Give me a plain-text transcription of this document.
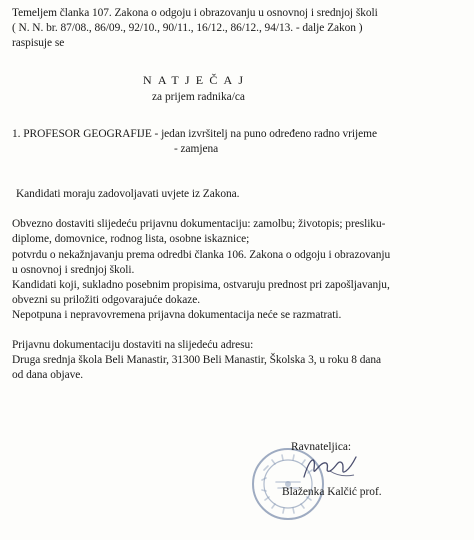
Temeljem članka 107. Zakona o odgoju i obrazovanju u osnovnoj i srednjoj školi
( N. N. br. 87/08., 86/09., 92/10., 90/11., 16/12., 86/12., 94/13. - dalje Zakon )
raspisuje se
NATJEČAJ
za prijem radnika/ca
1. PROFESOR GEOGRAFIJE - jedan izvršitelj na puno određeno radno vrijeme
- zamjena
Kandidati moraju zadovoljavati uvjete iz Zakona.
Obvezno dostaviti slijedeću prijavnu dokumentaciju: zamolbu; životopis; presliku-
diplome, domovnice, rodnog lista, osobne iskaznice;
potvrdu o nekažnjavanju prema odredbi članka 106. Zakona o odgoju i obrazovanju
u osnovnoj i srednjoj školi.
Kandidati koji, sukladno posebnim propisima, ostvaruju prednost pri zapošljavanju,
obvezni su priložiti odgovarajuće dokaze.
Nepotpuna i nepravovremena prijavna dokumentacija neće se razmatrati.
Prijavnu dokumentaciju dostaviti na slijedeću adresu:
Druga srednja škola Beli Manastir, 31300 Beli Manastir, Školska 3, u roku 8 dana
od dana objave.
Ravnateljica:
Blaženka Kalčić prof.
